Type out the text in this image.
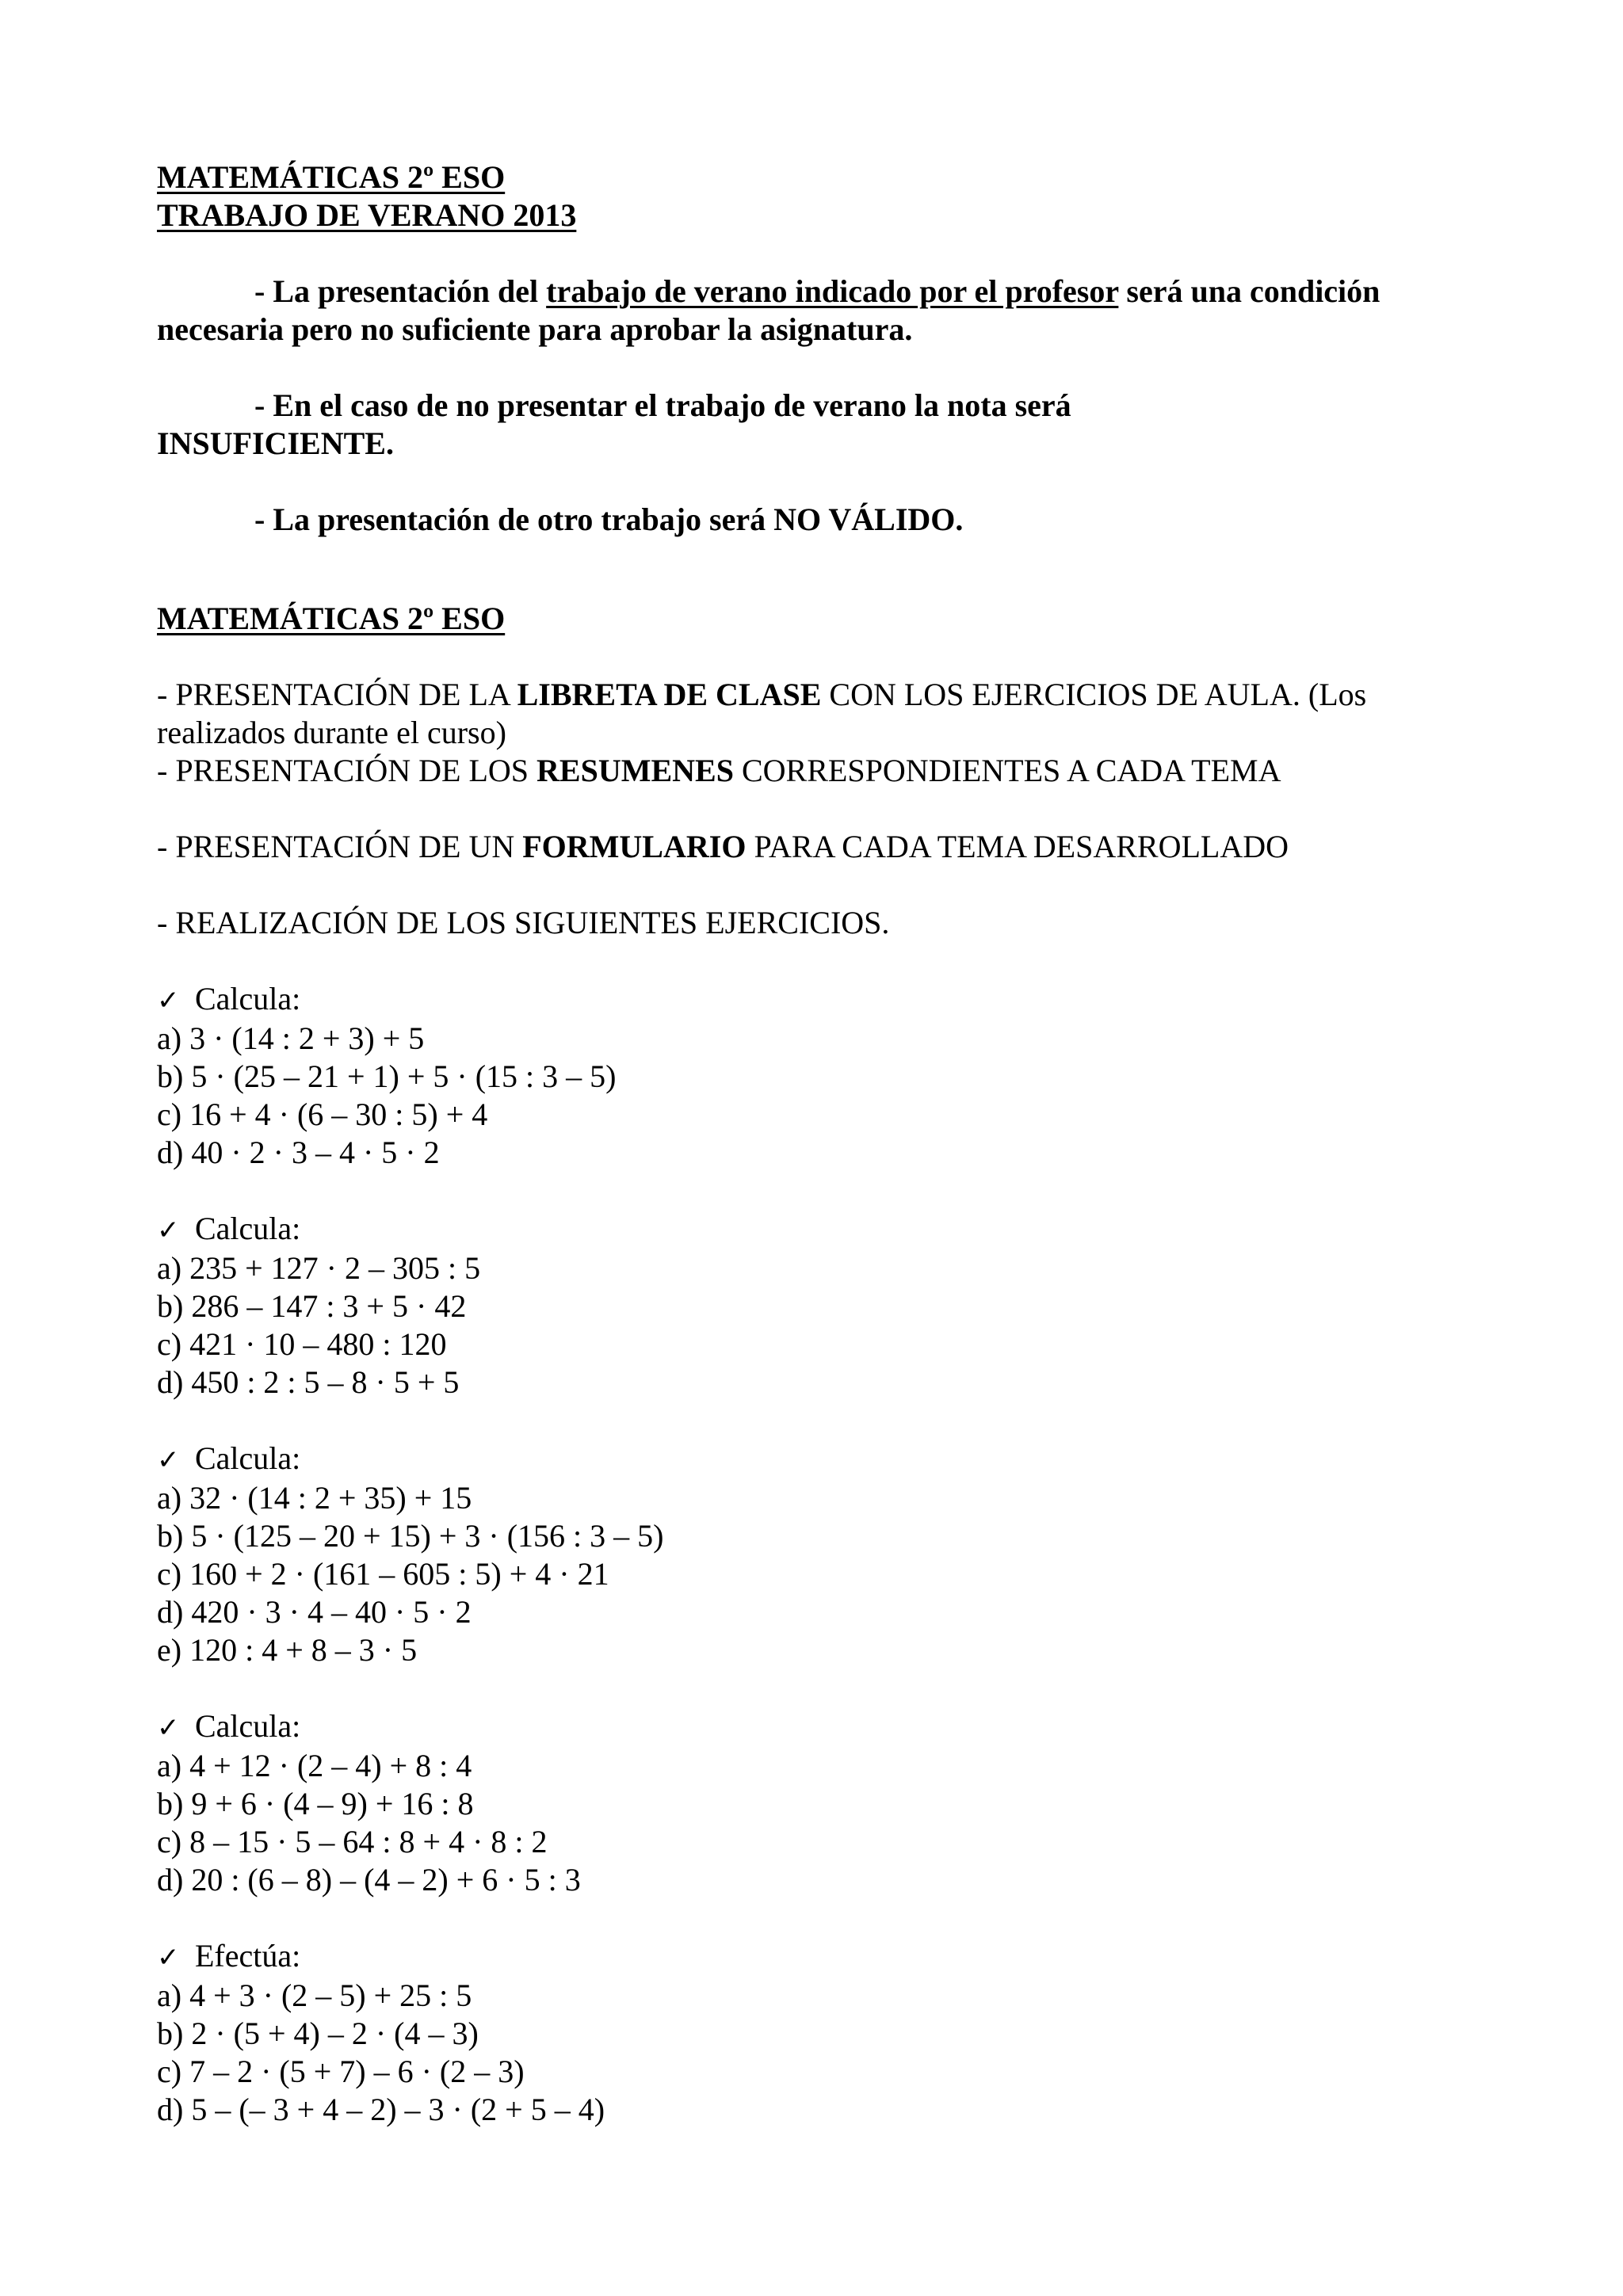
MATEMÁTICAS 2º ESO
TRABAJO DE VERANO 2013
- La presentación del trabajo de verano indicado por el profesor será una condición
necesaria pero no suficiente para aprobar la asignatura.
- En el caso de no presentar el trabajo de verano la nota será
INSUFICIENTE.
- La presentación de otro trabajo será NO VÁLIDO.
MATEMÁTICAS 2º ESO
- PRESENTACIÓN DE LA LIBRETA DE CLASE CON LOS EJERCICIOS DE AULA. (Los
realizados durante el curso)
- PRESENTACIÓN DE LOS RESUMENES CORRESPONDIENTES A CADA TEMA
- PRESENTACIÓN DE UN FORMULARIO PARA CADA TEMA DESARROLLADO
- REALIZACIÓN DE LOS SIGUIENTES EJERCICIOS.
✓ Calcula:
a) 3 · (14 : 2 + 3) + 5
b) 5 · (25 – 21 + 1) + 5 · (15 : 3 – 5)
c) 16 + 4 · (6 – 30 : 5) + 4
d) 40 · 2 · 3 – 4 · 5 · 2
✓ Calcula:
a) 235 + 127 · 2 – 305 : 5
b) 286 – 147 : 3 + 5 · 42
c) 421 · 10 – 480 : 120
d) 450 : 2 : 5 – 8 · 5 + 5
✓ Calcula:
a) 32 · (14 : 2 + 35) + 15
b) 5 · (125 – 20 + 15) + 3 · (156 : 3 – 5)
c) 160 + 2 · (161 – 605 : 5) + 4 · 21
d) 420 · 3 · 4 – 40 · 5 · 2
e) 120 : 4 + 8 – 3 · 5
✓ Calcula:
a) 4 + 12 · (2 – 4) + 8 : 4
b) 9 + 6 · (4 – 9) + 16 : 8
c) 8 – 15 · 5 – 64 : 8 + 4 · 8 : 2
d) 20 : (6 – 8) – (4 – 2) + 6 · 5 : 3
✓ Efectúa:
a) 4 + 3 · (2 – 5) + 25 : 5
b) 2 · (5 + 4) – 2 · (4 – 3)
c) 7 – 2 · (5 + 7) – 6 · (2 – 3)
d) 5 – (– 3 + 4 – 2) – 3 · (2 + 5 – 4)
